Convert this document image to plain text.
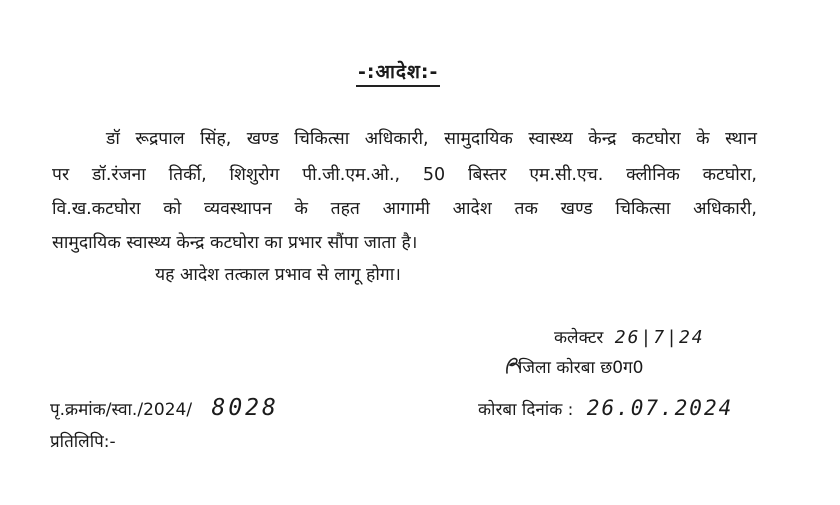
-:आदेश:-
डॉ रूद्रपाल सिंह, खण्ड चिकित्सा अधिकारी, सामुदायिक स्वास्थ्य केन्द्र कटघोरा के स्थान
पर डॉ.रंजना तिर्की, शिशुरोग पी.जी.एम.ओ., 50 बिस्तर एम.सी.एच. क्लीनिक कटघोरा,
वि.ख.कटघोरा को व्यवस्थापन के तहत आगामी आदेश तक खण्ड चिकित्सा अधिकारी,
सामुदायिक स्वास्थ्य केन्द्र कटघोरा का प्रभार सौंपा जाता है।
यह आदेश तत्काल प्रभाव से लागू होगा।
कलेक्टर 26|7|24
जिला कोरबा छ0ग0
पृ.क्रमांक/स्वा./2024/ 8028	कोरबा दिनांक : 26.07.2024
प्रतिलिपि:-
